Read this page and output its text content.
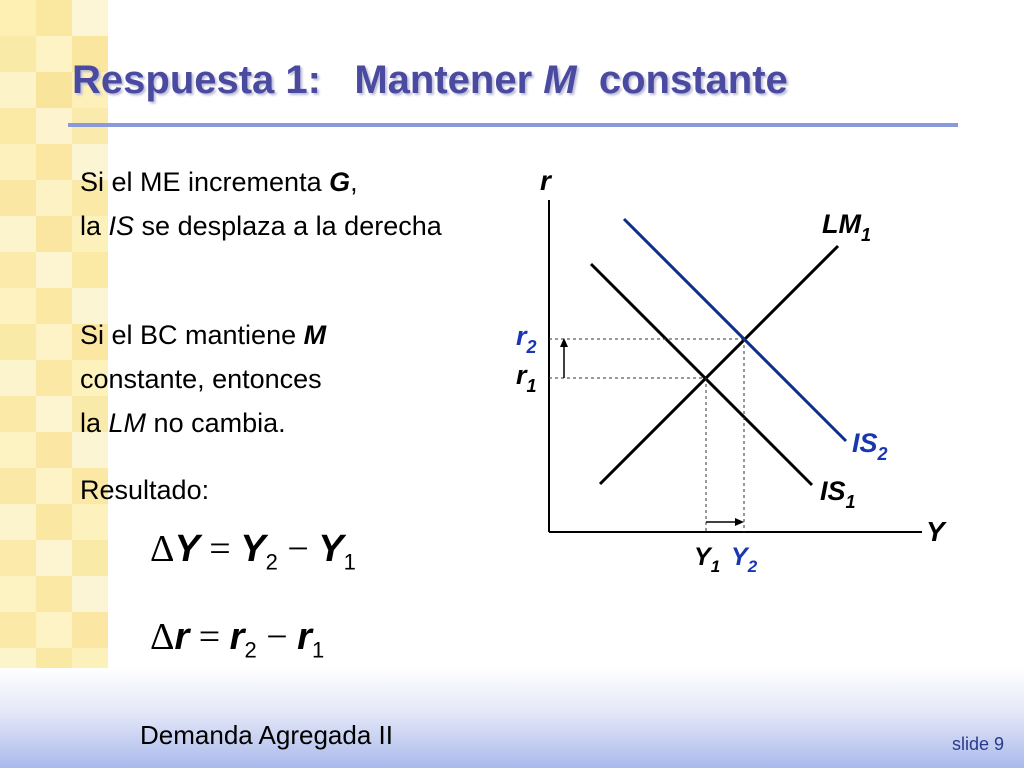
Respuesta 1: Mantener M constante
Si el ME incrementa G,
la IS se desplaza a la derecha
Si el BC mantiene M
constante, entonces
la LM no cambia.
Resultado:
$\Delta Y = Y_2 - Y_1$
$\Delta r = r_2 - r_1$
r
Y
$LM_1$
$IS_2$
$IS_1$
$r_2$
$r_1$
$Y_1$ $Y_2$
Demanda Agregada II	slide 9
